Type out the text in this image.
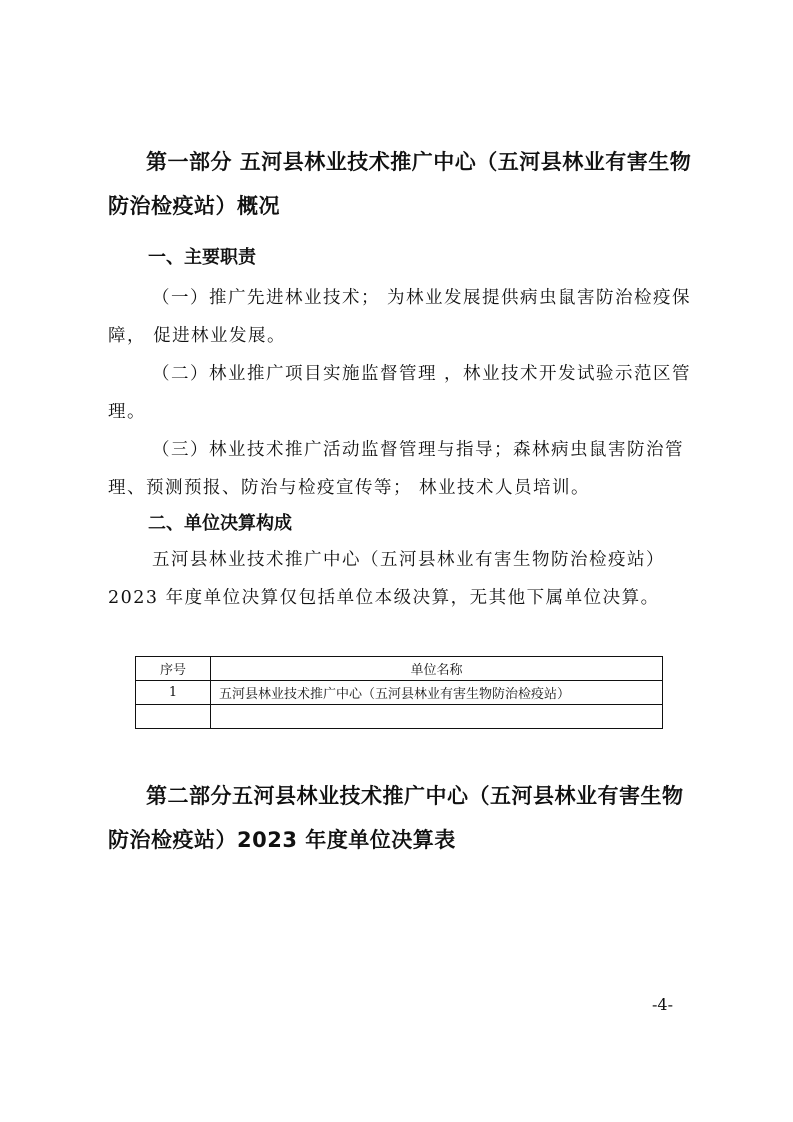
第一部分 五河县林业技术推广中心（五河县林业有害生物防治检疫站）概况
一、主要职责
（一）推广先进林业技术； 为林业发展提供病虫鼠害防治检疫保障， 促进林业发展。
（二）林业推广项目实施监督管理 ，林业技术开发试验示范区管理。
（三）林业技术推广活动监督管理与指导；森林病虫鼠害防治管理、预测预报、防治与检疫宣传等； 林业技术人员培训。
二、单位决算构成
五河县林业技术推广中心（五河县林业有害生物防治检疫站）2023 年度单位决算仅包括单位本级决算，无其他下属单位决算。
序号	单位名称
1	五河县林业技术推广中心（五河县林业有害生物防治检疫站）

第二部分五河县林业技术推广中心（五河县林业有害生物防治检疫站）2023 年度单位决算表
-4-
